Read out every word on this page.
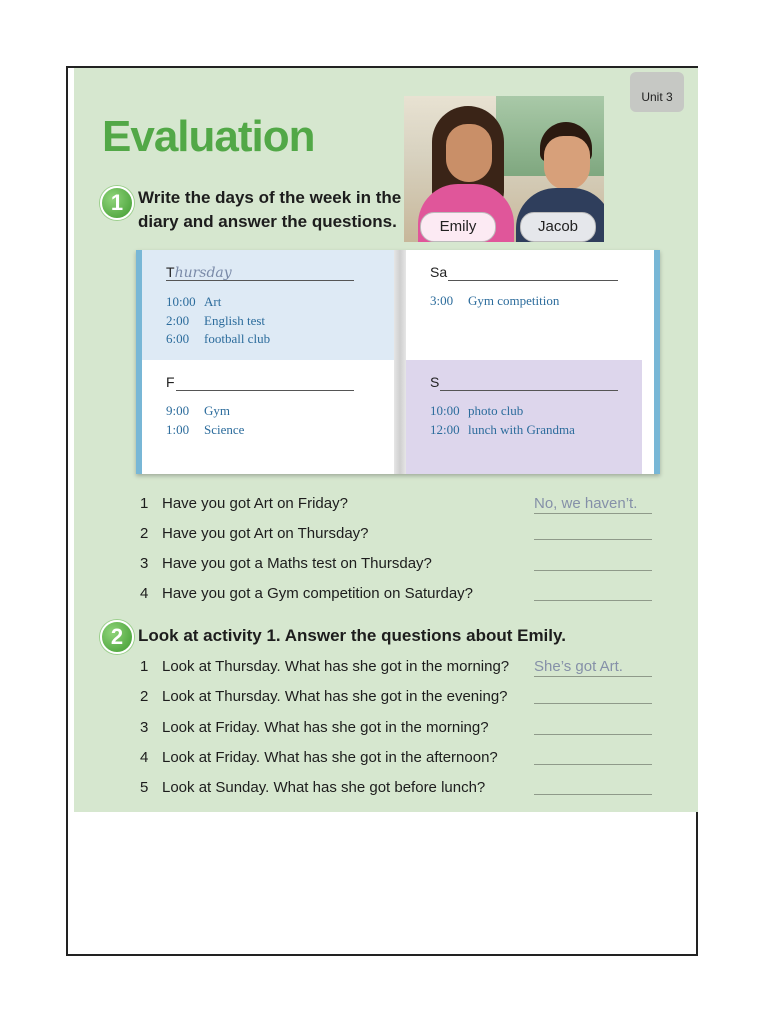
Unit 3
Evaluation
Emily	Jacob
1 Write the days of the week in the
diary and answer the questions.
Thursday
10:00 Art
2:00 English test
6:00 football club
Sa
3:00 Gym competition
F
9:00 Gym
1:00 Science
S
10:00 photo club
12:00 lunch with Grandma
1 Have you got Art on Friday?	No, we haven’t.
2 Have you got Art on Thursday?
3 Have you got a Maths test on Thursday?
4 Have you got a Gym competition on Saturday?
2 Look at activity 1. Answer the questions about Emily.
1 Look at Thursday. What has she got in the morning? She’s got Art.
2 Look at Thursday. What has she got in the evening?
3 Look at Friday. What has she got in the morning?
4 Look at Friday. What has she got in the afternoon?
5 Look at Sunday. What has she got before lunch?
